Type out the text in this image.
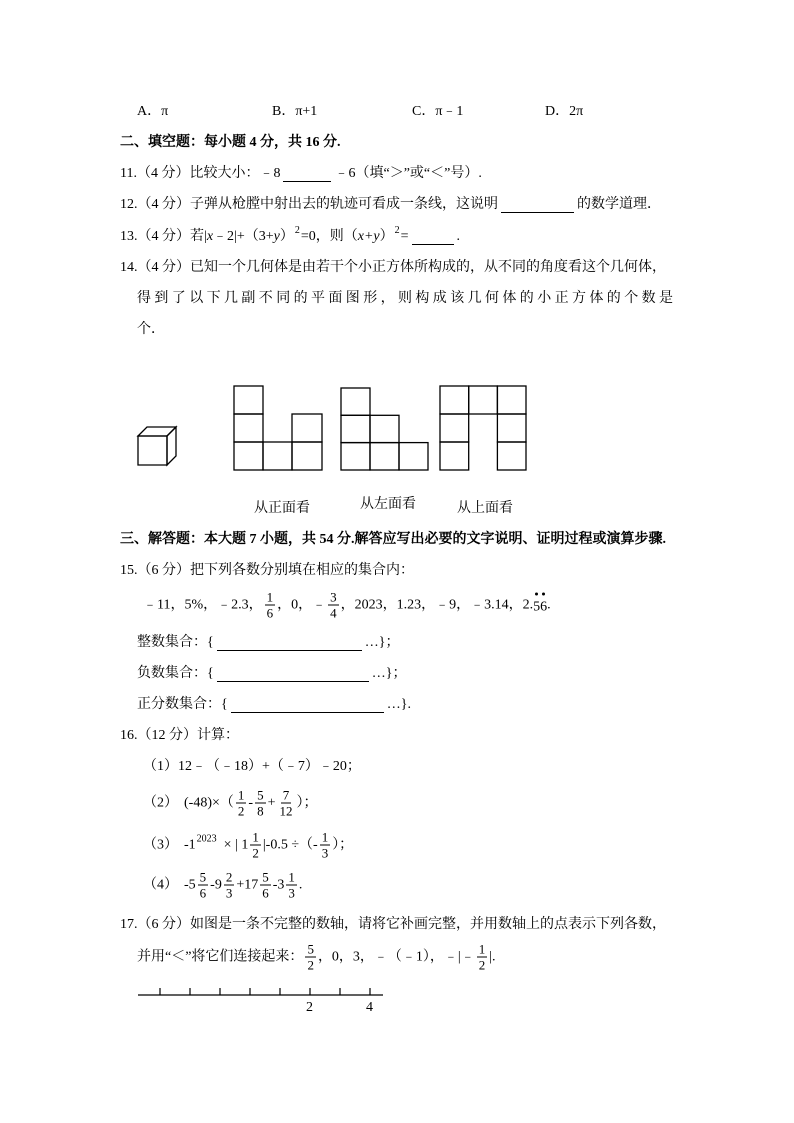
A．π	B．π+1	C．π﹣1	D．2π
二、填空题：每小题 4 分，共 16 分.
11.（4 分）比较大小：﹣8	﹣6（填“＞”或“＜”号）.
12.（4 分）子弹从枪膛中射出去的轨迹可看成一条线，这说明	的数学道理．
13.（4 分）若| x ﹣2|+（3+ y ） 2 =0，则（ x+y ） 2 =	.
14.（4 分）已知一个几何体是由若干个小正方体所构成的，从不同的角度看这个几何体，
得到了以下几副不同的平面图形，则构成该几何体的小正方体的个数是
个．
从正面看	从左面看	从上面看
三、解答题：本大题 7 小题，共 54 分.解答应写出必要的文字说明、证明过程或演算步骤.
15.（6 分）把下列各数分别填在相应的集合内：
﹣11，5%，﹣2.3， $\frac{1}{6}$ ，0，﹣ $\frac{3}{4}$ ，2023，1.23，﹣9，﹣3.14，2. 56 .
整数集合：{	…}；
负数集合：{	…}；
正分数集合：{	…}.
16.（12 分）计算：
（1）12﹣（﹣18）+（﹣7）﹣20；
（2） (-48) ×（ $\frac{1}{2} - \frac{5}{8} + \frac{7}{12}$ ）；
（3） -1 2023 × | $1 \frac{1}{2} |-0.5$ ÷（- $\frac{1}{3}$ ）；
（4） $-5 \frac{5}{6} -9 \frac{2}{3} +17 \frac{5}{6} -3 \frac{1}{3}$ .
17.（6 分）如图是一条不完整的数轴，请将它补画完整，并用数轴上的点表示下列各数，
并用“＜”将它们连接起来： $\frac{5}{2}$ ，0，3，﹣（﹣1），﹣|﹣ $\frac{1}{2}$ |.
2	4
